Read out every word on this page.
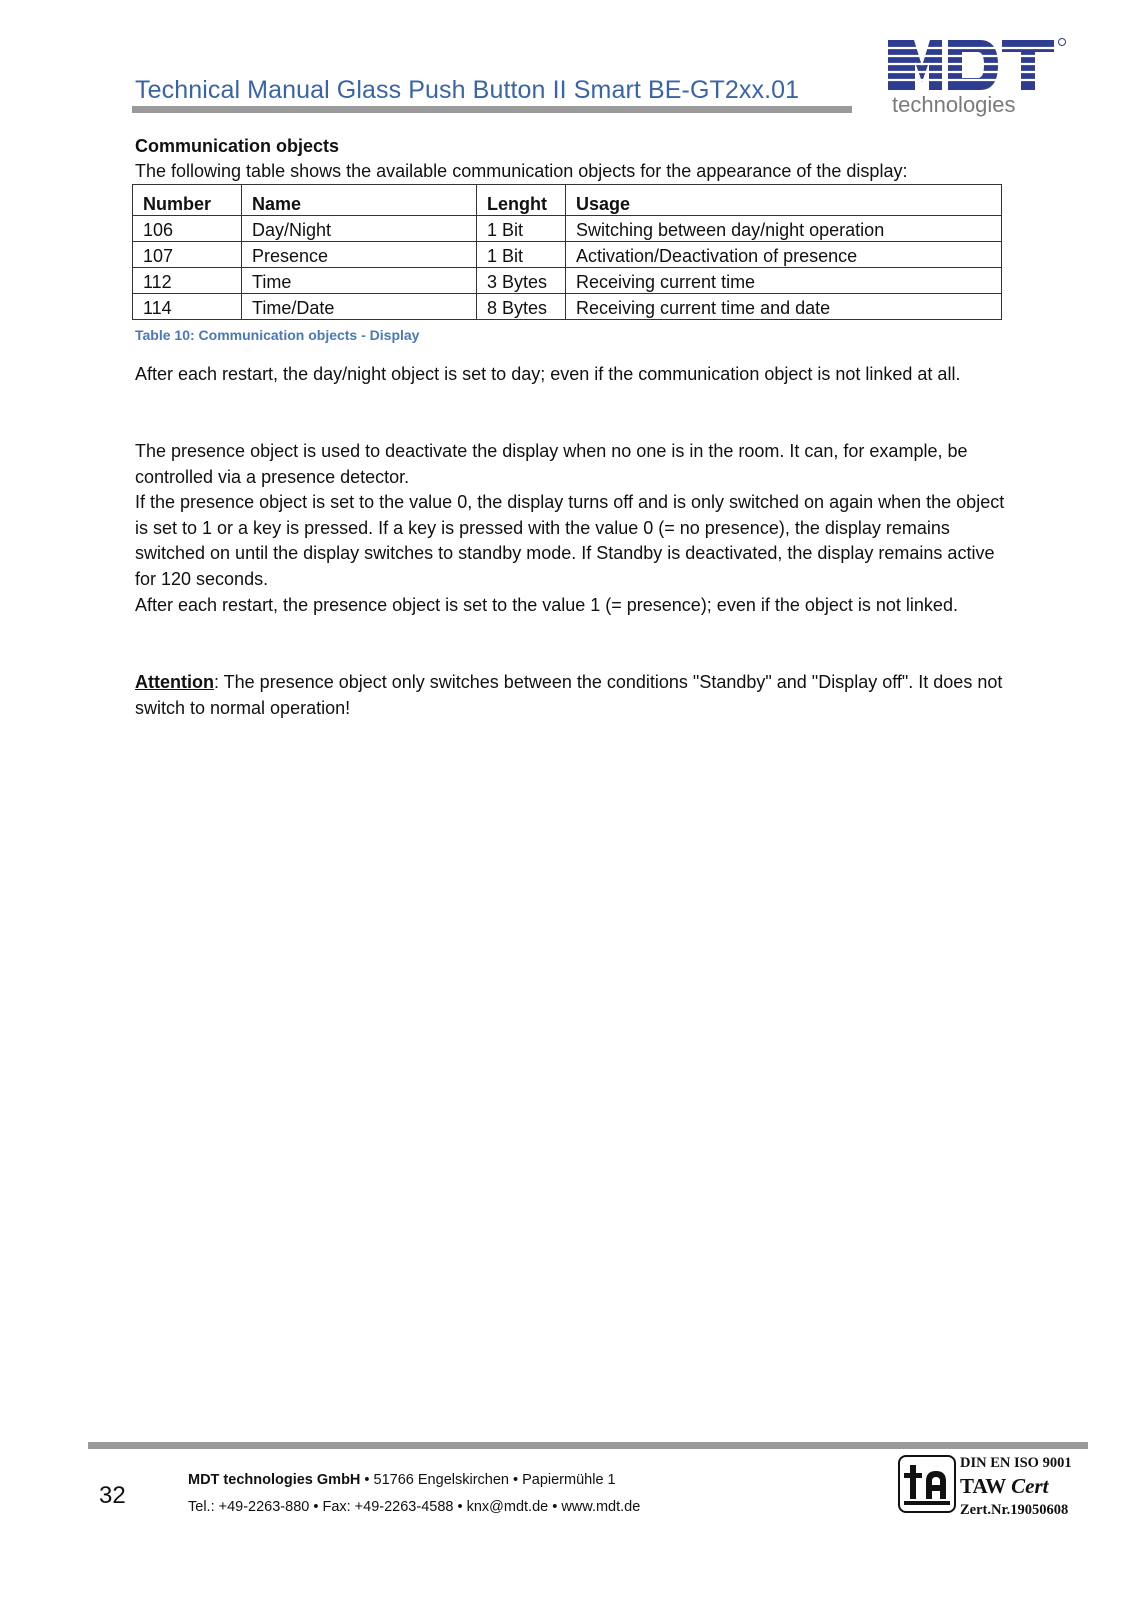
Technical Manual Glass Push Button II Smart BE-GT2xx.01
technologies
Communication objects
The following table shows the available communication objects for the appearance of the display:
Number	Name	Lenght	Usage
106	Day/Night	1 Bit	Switching between day/night operation
107	Presence	1 Bit	Activation/Deactivation of presence
112	Time	3 Bytes	Receiving current time
114	Time/Date	8 Bytes	Receiving current time and date
Table 10: Communication objects - Display

After each restart, the day/night object is set to day; even if the communication object is not linked at all.

The presence object is used to deactivate the display when no one is in the room. It can, for example, be controlled via a presence detector.

If the presence object is set to the value 0, the display turns off and is only switched on again when the object is set to 1 or a key is pressed. If a key is pressed with the value 0 (= no presence), the display remains switched on until the display switches to standby mode. If Standby is deactivated, the display remains active for 120 seconds.

After each restart, the presence object is set to the value 1 (= presence); even if the object is not linked.

Attention: The presence object only switches between the conditions "Standby" and "Display off". It does not switch to normal operation!

32
MDT technologies GmbH • 51766 Engelskirchen • Papiermühle 1
Tel.: +49-2263-880 • Fax: +49-2263-4588 • knx@mdt.de • www.mdt.de
DIN EN ISO 9001
TAW Cert
Zert.Nr.19050608
